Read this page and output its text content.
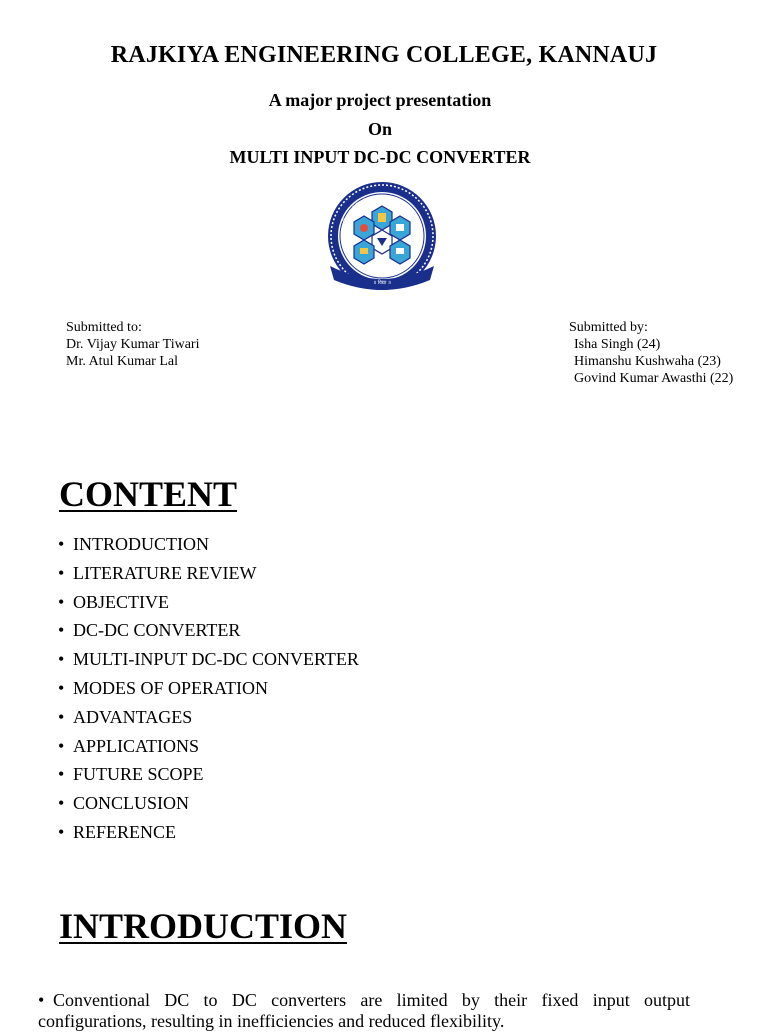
RAJKIYA ENGINEERING COLLEGE, KANNAUJ
A major project presentation
On
MULTI INPUT DC-DC CONVERTER
राजकीय इंजीनियरिंग कॉलेज कन्नौज
॥ विद्या ॥
Submitted to:
Dr. Vijay Kumar Tiwari
Mr. Atul Kumar Lal
Submitted by:
Isha Singh (24)
Himanshu Kushwaha (23)
Govind Kumar Awasthi (22)
CONTENT
• INTRODUCTION
• LITERATURE REVIEW
• OBJECTIVE
• DC-DC CONVERTER
• MULTI-INPUT DC-DC CONVERTER
• MODES OF OPERATION
• ADVANTAGES
• APPLICATIONS
• FUTURE SCOPE
• CONCLUSION
• REFERENCE
INTRODUCTION
• Conventional DC to DC converters are limited by their fixed input output configurations, resulting in inefficiencies and reduced flexibility.
